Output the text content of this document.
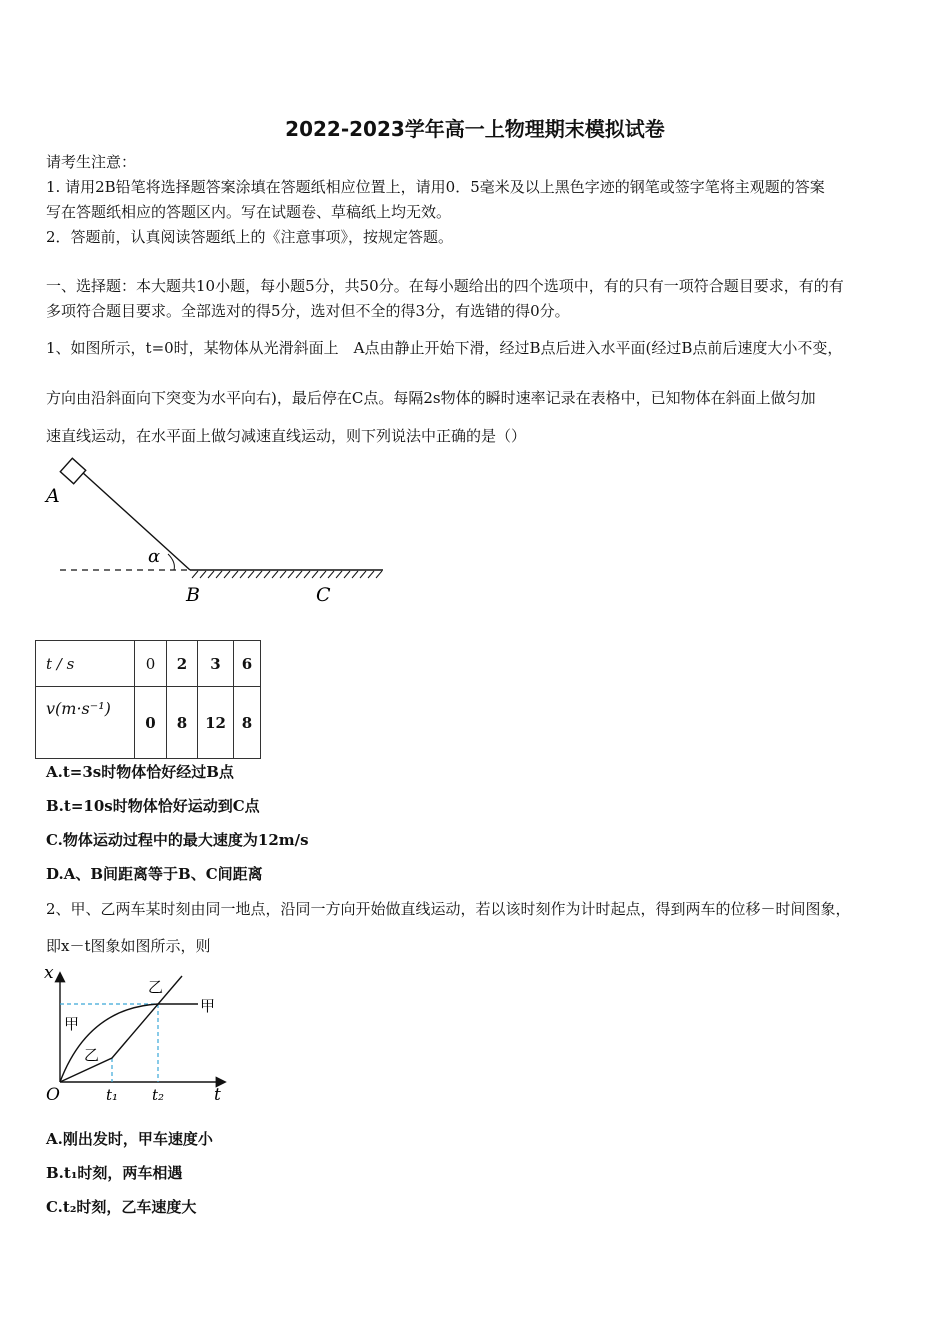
2022-2023学年高一上物理期末模拟试卷
请考生注意：
1. 请用2B铅笔将选择题答案涂填在答题纸相应位置上，请用0．5毫米及以上黑色字迹的钢笔或签字笔将主观题的答案
写在答题纸相应的答题区内。写在试题卷、草稿纸上均无效。
2．答题前，认真阅读答题纸上的《注意事项》，按规定答题。
一、选择题：本大题共10小题，每小题5分，共50分。在每小题给出的四个选项中，有的只有一项符合题目要求，有的有
多项符合题目要求。全部选对的得5分，选对但不全的得3分，有选错的得0分。
1、如图所示，t=0时，某物体从光滑斜面上　A点由静止开始下滑，经过B点后进入水平面(经过B点前后速度大小不变，
方向由沿斜面向下突变为水平向右)，最后停在C点。每隔2s物体的瞬时速率记录在表格中，已知物体在斜面上做匀加
速直线运动，在水平面上做匀减速直线运动，则下列说法中正确的是（）
A
α
B	C
t / s	0	2	3	6
v(m·s⁻¹)	0	8	12	8
A.t=3s时物体恰好经过B点
B.t=10s时物体恰好运动到C点
C.物体运动过程中的最大速度为12m/s
D.A、B间距离等于B、C间距离
2、甲、乙两车某时刻由同一地点，沿同一方向开始做直线运动，若以该时刻作为计时起点，得到两车的位移－时间图象，
即x－t图象如图所示，则
x
t
O	t₁ t₂
甲
乙
乙
甲
A.刚出发时，甲车速度小
B.t₁时刻，两车相遇
C.t₂时刻，乙车速度大
